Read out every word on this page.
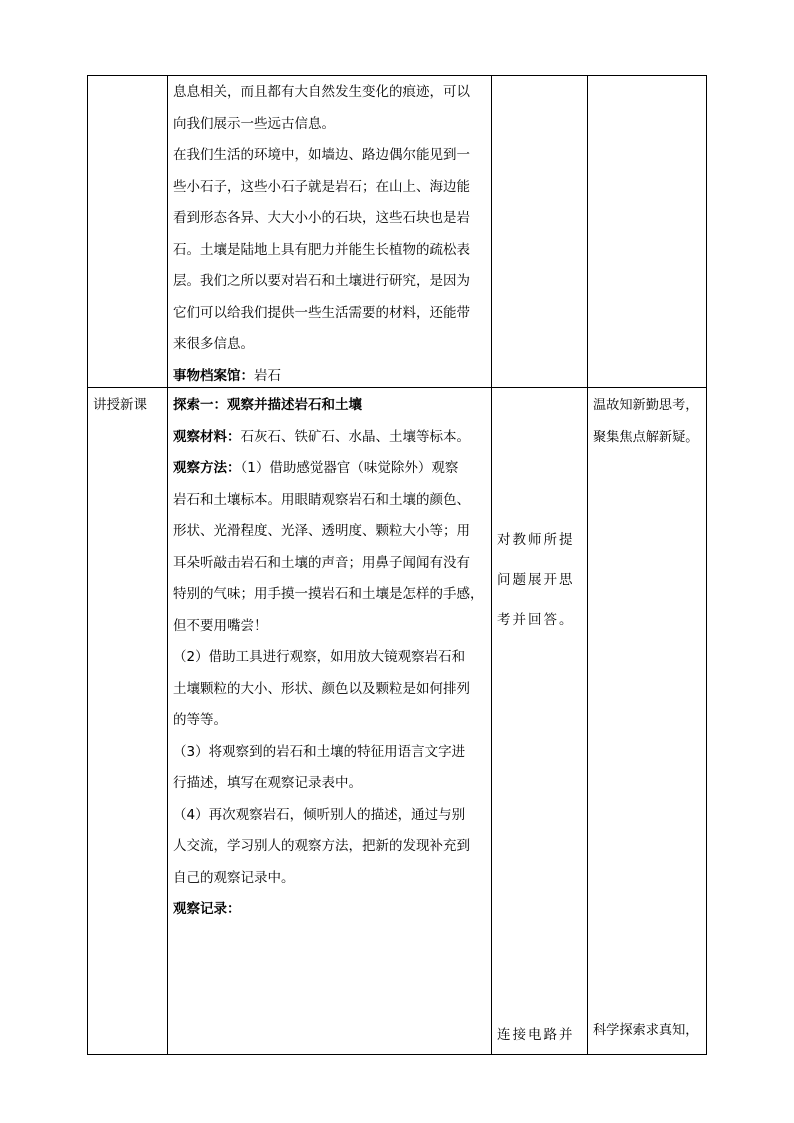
息息相关，而且都有大自然发生变化的痕迹，可以

向我们展示一些远古信息。

在我们生活的环境中，如墙边、路边偶尔能见到一

些小石子，这些小石子就是岩石；在山上、海边能

看到形态各异、大大小小的石块，这些石块也是岩

石。土壤是陆地上具有肥力并能生长植物的疏松表

层。我们之所以要对岩石和土壤进行研究，是因为

它们可以给我们提供一些生活需要的材料，还能带

来很多信息。

事物档案馆：岩石

讲授新课	探索一：观察并描述岩石和土壤

观察材料：石灰石、铁矿石、水晶、土壤等标本。

观察方法：（1）借助感觉器官（味觉除外）观察

岩石和土壤标本。用眼睛观察岩石和土壤的颜色、

形状、光滑程度、光泽、透明度、颗粒大小等；用

耳朵听敲击岩石和土壤的声音；用鼻子闻闻有没有

特别的气味；用手摸一摸岩石和土壤是怎样的手感，

但不要用嘴尝！

（2）借助工具进行观察，如用放大镜观察岩石和

土壤颗粒的大小、形状、颜色以及颗粒是如何排列

的等等。

（3）将观察到的岩石和土壤的特征用语言文字进

行描述，填写在观察记录表中。

（4）再次观察岩石，倾听别人的描述，通过与别

人交流，学习别人的观察方法，把新的发现补充到

自己的观察记录中。

观察记录：

对教师所提

问题展开思

考并回答。

连接电路并

温故知新勤思考，

聚集焦点解新疑。

科学探索求真知，
